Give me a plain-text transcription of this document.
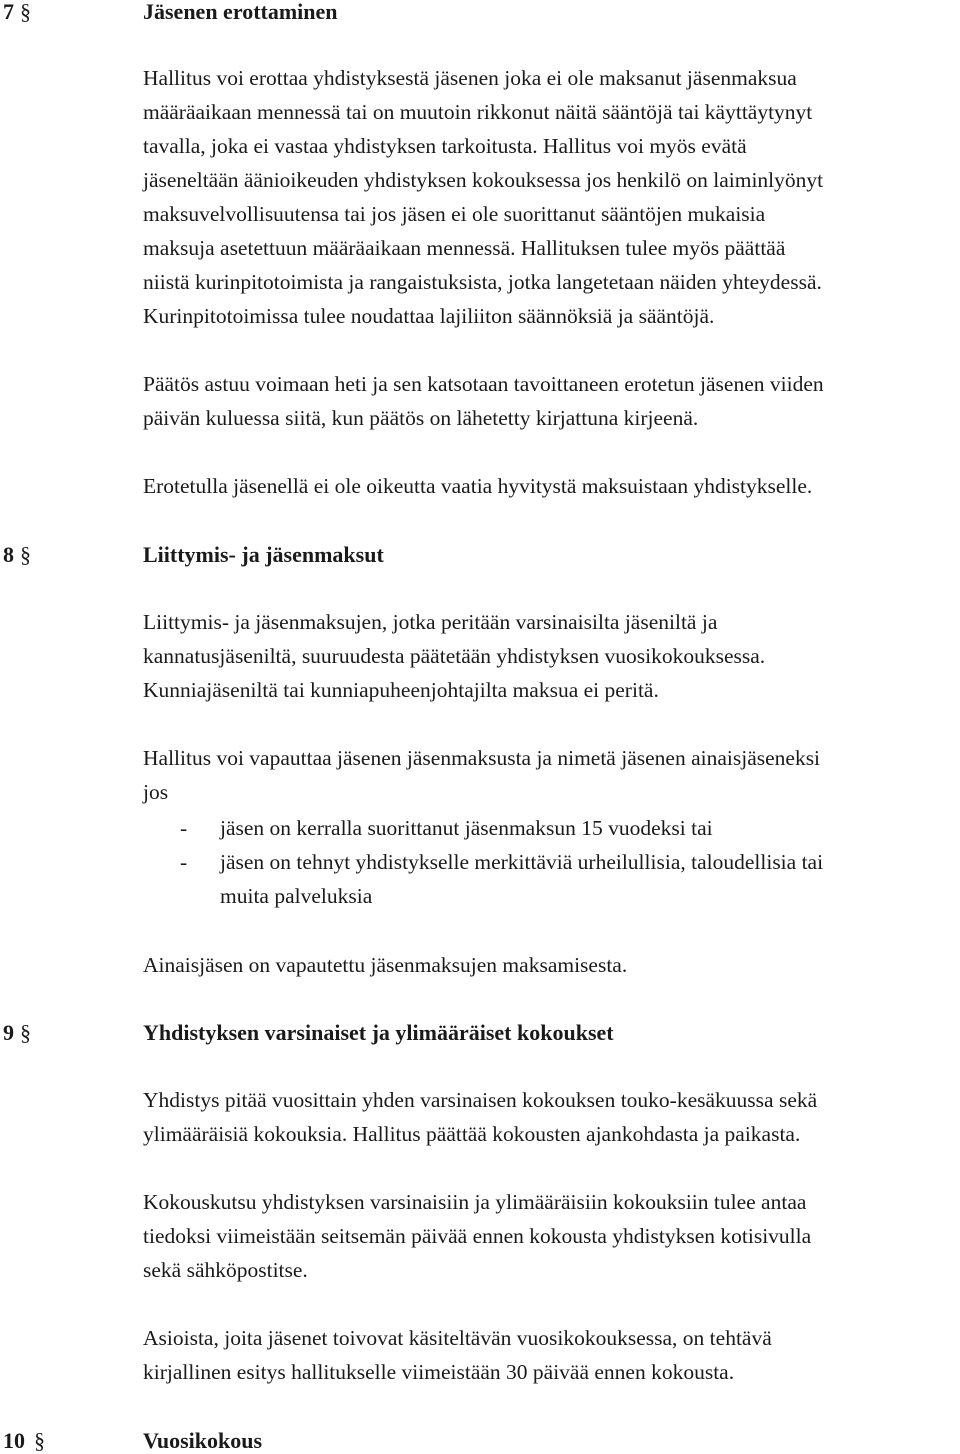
7 §	Jäsenen erottaminen
Hallitus voi erottaa yhdistyksestä jäsenen joka ei ole maksanut jäsenmaksua
määräaikaan mennessä tai on muutoin rikkonut näitä sääntöjä tai käyttäytynyt
tavalla, joka ei vastaa yhdistyksen tarkoitusta. Hallitus voi myös evätä
jäseneltään äänioikeuden yhdistyksen kokouksessa jos henkilö on laiminlyönyt
maksuvelvollisuutensa tai jos jäsen ei ole suorittanut sääntöjen mukaisia
maksuja asetettuun määräaikaan mennessä. Hallituksen tulee myös päättää
niistä kurinpitotoimista ja rangaistuksista, jotka langetetaan näiden yhteydessä.
Kurinpitotoimissa tulee noudattaa lajiliiton säännöksiä ja sääntöjä.
Päätös astuu voimaan heti ja sen katsotaan tavoittaneen erotetun jäsenen viiden
päivän kuluessa siitä, kun päätös on lähetetty kirjattuna kirjeenä.
Erotetulla jäsenellä ei ole oikeutta vaatia hyvitystä maksuistaan yhdistykselle.
8 §	Liittymis- ja jäsenmaksut
Liittymis- ja jäsenmaksujen, jotka peritään varsinaisilta jäseniltä ja
kannatusjäseniltä, suuruudesta päätetään yhdistyksen vuosikokouksessa.
Kunniajäseniltä tai kunniapuheenjohtajilta maksua ei peritä.
Hallitus voi vapauttaa jäsenen jäsenmaksusta ja nimetä jäsenen ainaisjäseneksi
jos
- jäsen on kerralla suorittanut jäsenmaksun 15 vuodeksi tai
- jäsen on tehnyt yhdistykselle merkittäviä urheilullisia, taloudellisia tai
muita palveluksia
Ainaisjäsen on vapautettu jäsenmaksujen maksamisesta.
9 §	Yhdistyksen varsinaiset ja ylimääräiset kokoukset
Yhdistys pitää vuosittain yhden varsinaisen kokouksen touko-kesäkuussa sekä
ylimääräisiä kokouksia. Hallitus päättää kokousten ajankohdasta ja paikasta.
Kokouskutsu yhdistyksen varsinaisiin ja ylimääräisiin kokouksiin tulee antaa
tiedoksi viimeistään seitsemän päivää ennen kokousta yhdistyksen kotisivulla
sekä sähköpostitse.
Asioista, joita jäsenet toivovat käsiteltävän vuosikokouksessa, on tehtävä
kirjallinen esitys hallitukselle viimeistään 30 päivää ennen kokousta.
10 §	Vuosikokous
